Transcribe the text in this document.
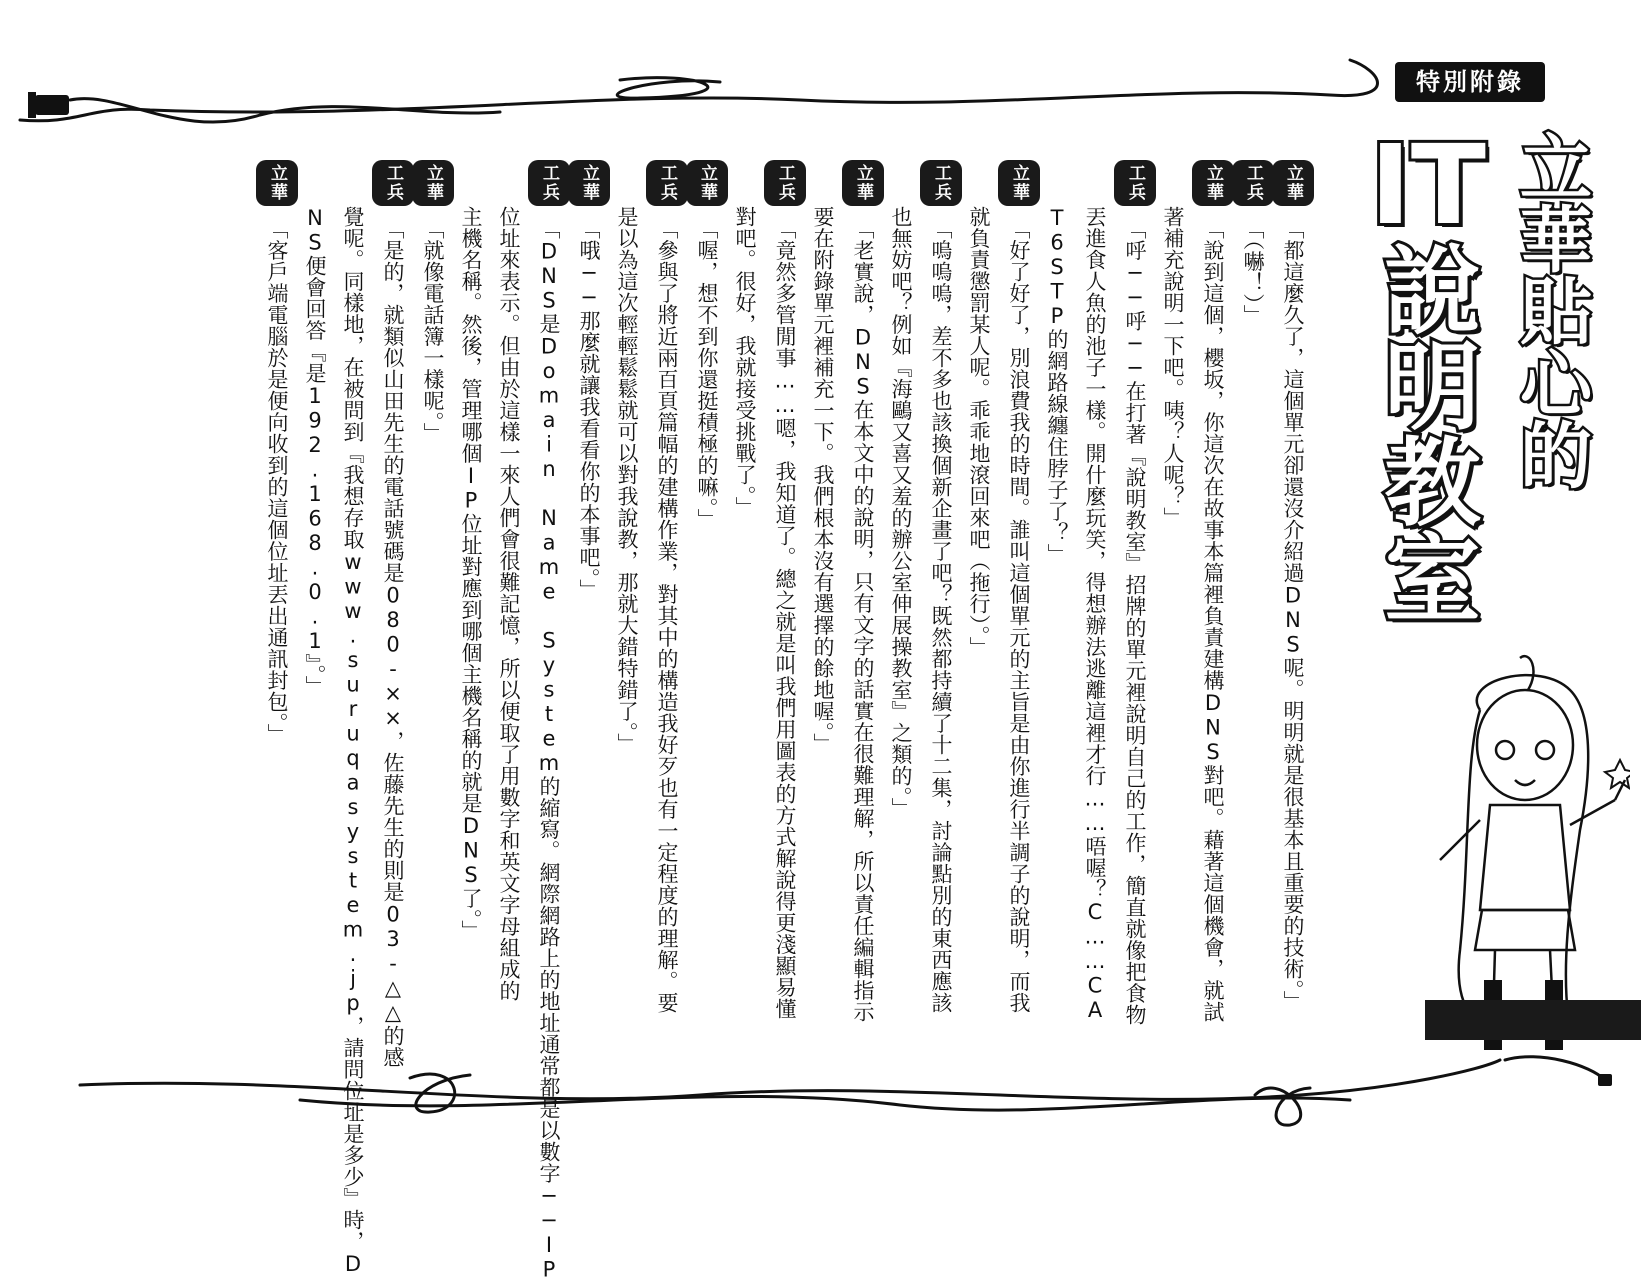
特別附錄
IT
說明教室 立華貼心的
立華「都這麼久了，這個單元卻還沒介紹過DNS呢。明明就是很基本且重要的技術。」
工兵「（嚇！）」
立華「說到這個，櫻坂，你這次在故事本篇裡負責建構DNS對吧。藉著這個機會，就試
著補充說明一下吧。咦？人呢？」
工兵「呼──呼──在打著『說明教室』招牌的單元裡說明自己的工作，簡直就像把食物
丟進食人魚的池子一樣。開什麼玩笑，得想辦法逃離這裡才行……唔喔？C……CA
T6STP的網路線纏住脖子了？」
立華「好了好了，別浪費我的時間。誰叫這個單元的主旨是由你進行半調子的說明，而我
就負責懲罰某人呢。乖乖地滾回來吧（拖行）。」
工兵「嗚嗚嗚，差不多也該換個新企畫了吧？既然都持續了十二集，討論點別的東西應該
也無妨吧？例如『海鷗又喜又羞的辦公室伸展操教室』之類的。」
立華「老實說，DNS在本文中的說明，只有文字的話實在很難理解，所以責任編輯指示
要在附錄單元裡補充一下。我們根本沒有選擇的餘地喔。」
工兵「竟然多管閒事……嗯，我知道了。總之就是叫我們用圖表的方式解說得更淺顯易懂
對吧。很好，我就接受挑戰了。」
立華「喔，想不到你還挺積極的嘛。」
工兵「參與了將近兩百頁篇幅的建構作業，對其中的構造我好歹也有一定程度的理解。要
是以為這次輕輕鬆鬆就可以對我說教，那就大錯特錯了。」
立華「哦──那麼就讓我看看你的本事吧。」
工兵「DNS是Domain Name System的縮寫。網際網路上的地址通常都是以數字──IP
位址來表示。但由於這樣一來人們會很難記憶，所以便取了用數字和英文字母組成的
主機名稱。然後，管理哪個IP位址對應到哪個主機名稱的就是DNS了。」
立華「就像電話簿一樣呢。」
工兵「是的，就類似山田先生的電話號碼是080-××，佐藤先生的則是03-△△的感
覺呢。同樣地，在被問到『我想存取www.suruqasystem.jp，請問位址是多少』時，D
NS便會回答『是192.168.0.1』。」
立華「客戶端電腦於是便向收到的這個位址丟出通訊封包。」
